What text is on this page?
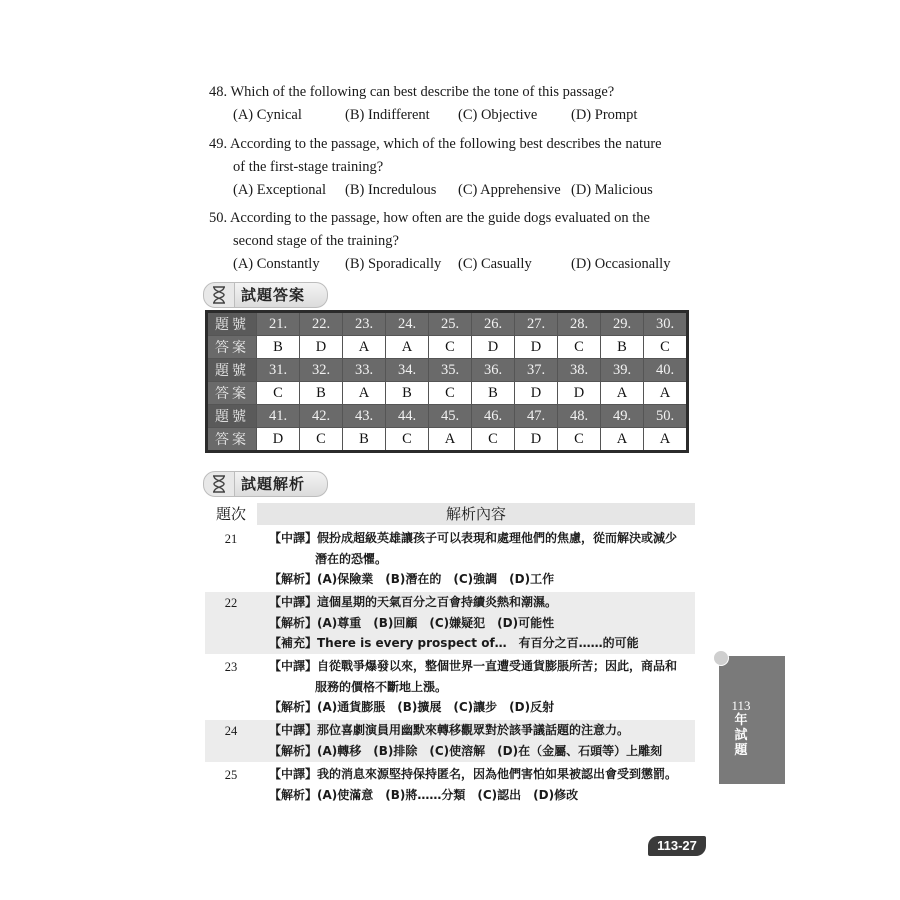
48. Which of the following can best describe the tone of this passage?
(A) Cynical	(B) Indifferent (C) Objective (D) Prompt
49. According to the passage, which of the following best describes the nature
of the first-stage training?
(A) Exceptional (B) Incredulous (C) Apprehensive (D) Malicious
50. According to the passage, how often are the guide dogs evaluated on the
second stage of the training?
(A) Constantly (B) Sporadically (C) Casually	(D) Occasionally
試題答案
題號	21.	22.	23.	24.	25.	26.	27.	28.	29.	30.
答案	B	D	A	A	C	D	D	C	B	C
題號	31.	32.	33.	34.	35.	36.	37.	38.	39.	40.
答案	C	B	A	B	C	B	D	D	A	A
題號	41.	42.	43.	44.	45.	46.	47.	48.	49.	50.
答案	D	C	B	C	A	C	D	C	A	A
試題解析
題次	解析內容
21	【中譯】假扮成超級英雄讓孩子可以表現和處理他們的焦慮，從而解決或減少
潛在的恐懼。
【解析】(A)保險業　(B)潛在的　(C)強調　(D)工作
22	【中譯】這個星期的天氣百分之百會持續炎熱和潮濕。
【解析】(A)尊重　(B)回顧　(C)嫌疑犯　(D)可能性
【補充】There is every prospect of…　有百分之百……的可能
23	【中譯】自從戰爭爆發以來，整個世界一直遭受通貨膨脹所苦；因此，商品和
服務的價格不斷地上漲。
【解析】(A)通貨膨脹　(B)擴展　(C)讓步　(D)反射
24	【中譯】那位喜劇演員用幽默來轉移觀眾對於該爭議話題的注意力。
【解析】(A)轉移　(B)排除　(C)使溶解　(D)在（金屬、石頭等）上雕刻
25	【中譯】我的消息來源堅持保持匿名，因為他們害怕如果被認出會受到懲罰。
【解析】(A)使滿意　(B)將……分類　(C)認出　(D)修改
113
年
試
題
113-27
